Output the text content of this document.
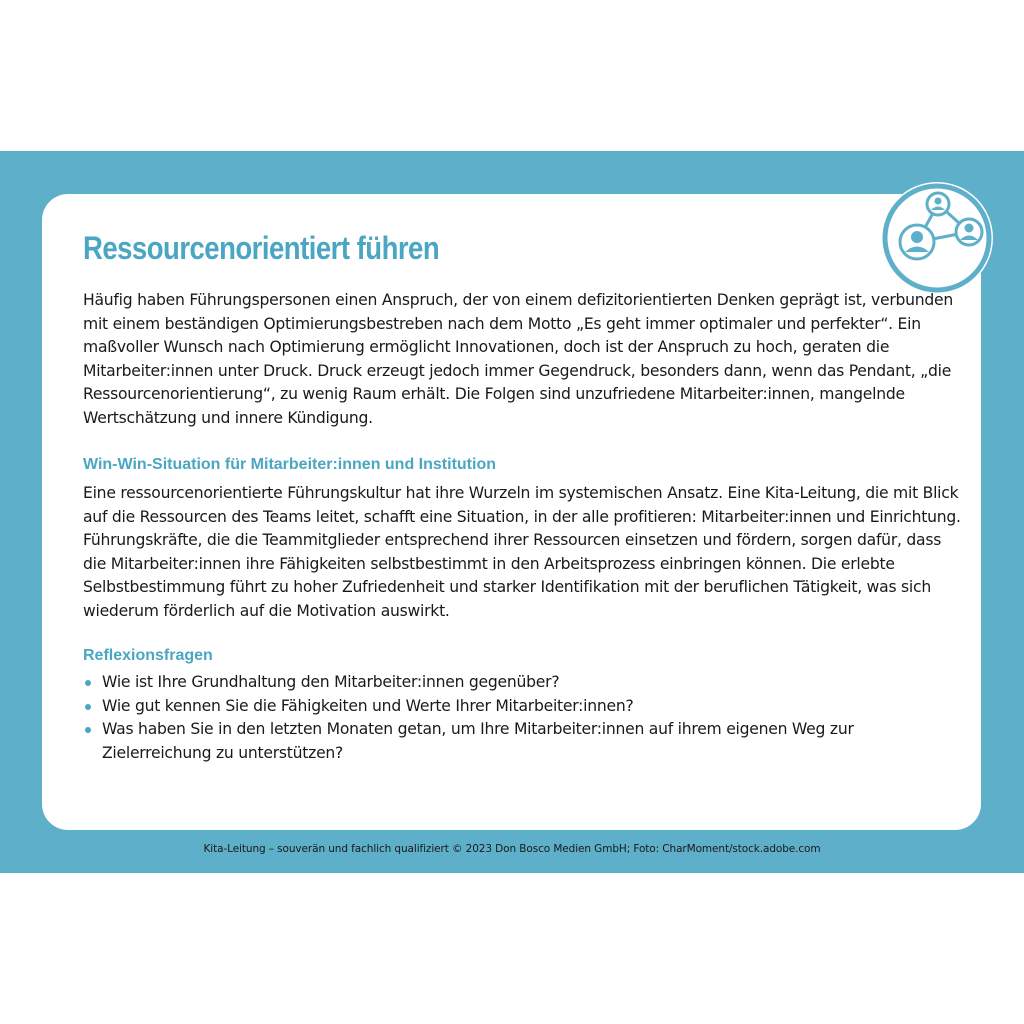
Ressourcenorientiert führen

Häufig haben Führungspersonen einen Anspruch, der von einem defizitorientierten Denken geprägt ist, verbunden mit einem beständigen Optimierungsbestreben nach dem Motto „Es geht immer optimaler und perfekter“. Ein maßvoller Wunsch nach Optimierung ermöglicht Innovationen, doch ist der Anspruch zu hoch, geraten die Mitarbeiter:innen unter Druck. Druck erzeugt jedoch immer Gegendruck, besonders dann, wenn das Pendant, „die Ressourcenorientierung“, zu wenig Raum erhält. Die Folgen sind unzufriedene Mitarbeiter:innen, mangelnde Wertschätzung und innere Kündigung.

Win-Win-Situation für Mitarbeiter:innen und Institution

Eine ressourcenorientierte Führungskultur hat ihre Wurzeln im systemischen Ansatz. Eine Kita-Leitung, die mit Blick auf die Ressourcen des Teams leitet, schafft eine Situation, in der alle profitieren: Mitarbeiter:innen und Einrichtung. Führungskräfte, die die Teammitglieder entsprechend ihrer Ressourcen einsetzen und fördern, sorgen dafür, dass die Mitarbeiter:innen ihre Fähigkeiten selbstbestimmt in den Arbeitsprozess einbringen können. Die erlebte Selbstbestimmung führt zu hoher Zufriedenheit und starker Identifikation mit der beruflichen Tätigkeit, was sich wiederum förderlich auf die Motivation auswirkt.

Reflexionsfragen
Wie ist Ihre Grundhaltung den Mitarbeiter:innen gegenüber?
Wie gut kennen Sie die Fähigkeiten und Werte Ihrer Mitarbeiter:innen?
Was haben Sie in den letzten Monaten getan, um Ihre Mitarbeiter:innen auf ihrem eigenen Weg zur Zielerreichung zu unterstützen?
Kita-Leitung – souverän und fachlich qualifiziert © 2023 Don Bosco Medien GmbH; Foto: CharMoment/stock.adobe.com
